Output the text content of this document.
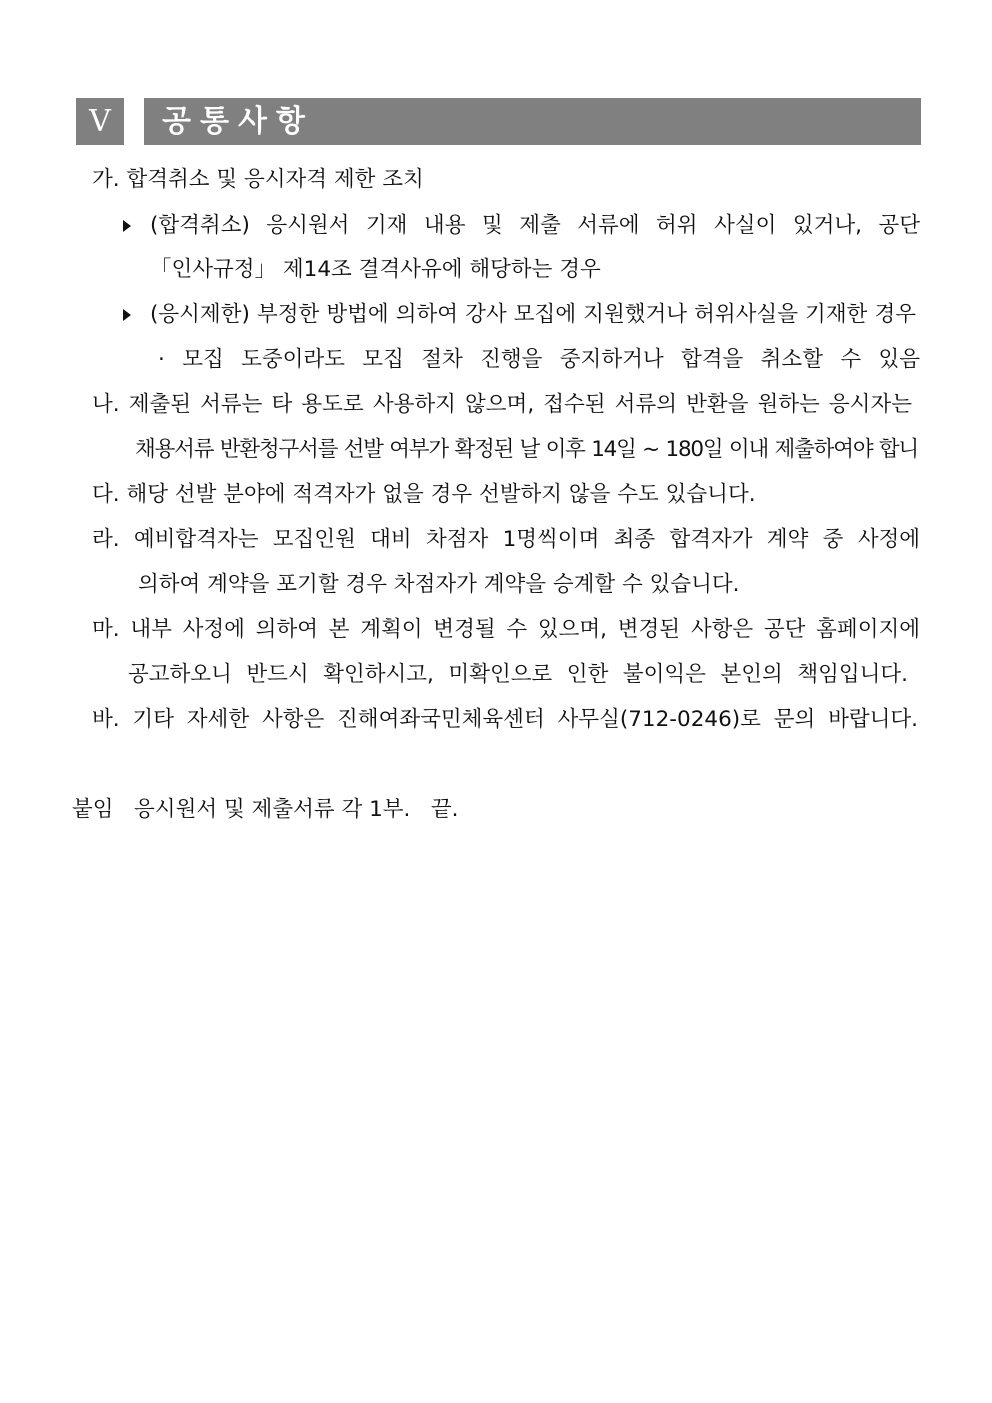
Ⅴ	공통사항
가. 합격취소 및 응시자격 제한 조치
(합격취소) 응시원서 기재 내용 및 제출 서류에 허위 사실이 있거나, 공단
「인사규정」 제14조 결격사유에 해당하는 경우
(응시제한) 부정한 방법에 의하여 강사 모집에 지원했거나 허위사실을 기재한 경우
· 모집 도중이라도 모집 절차 진행을 중지하거나 합격을 취소할 수 있음
나. 제출된 서류는 타 용도로 사용하지 않으며, 접수된 서류의 반환을 원하는 응시자는
채용서류 반환청구서를 선발 여부가 확정된 날 이후 14일 ~ 180일 이내 제출하여야 합니
다. 해당 선발 분야에 적격자가 없을 경우 선발하지 않을 수도 있습니다.
라. 예비합격자는 모집인원 대비 차점자 1명씩이며 최종 합격자가 계약 중 사정에
의하여 계약을 포기할 경우 차점자가 계약을 승계할 수 있습니다.
마. 내부 사정에 의하여 본 계획이 변경될 수 있으며, 변경된 사항은 공단 홈페이지에
공고하오니 반드시 확인하시고, 미확인으로 인한 불이익은 본인의 책임입니다.
바. 기타 자세한 사항은 진해여좌국민체육센터 사무실(712-0246)로 문의 바랍니다.
붙임   응시원서 및 제출서류 각 1부.   끝.
